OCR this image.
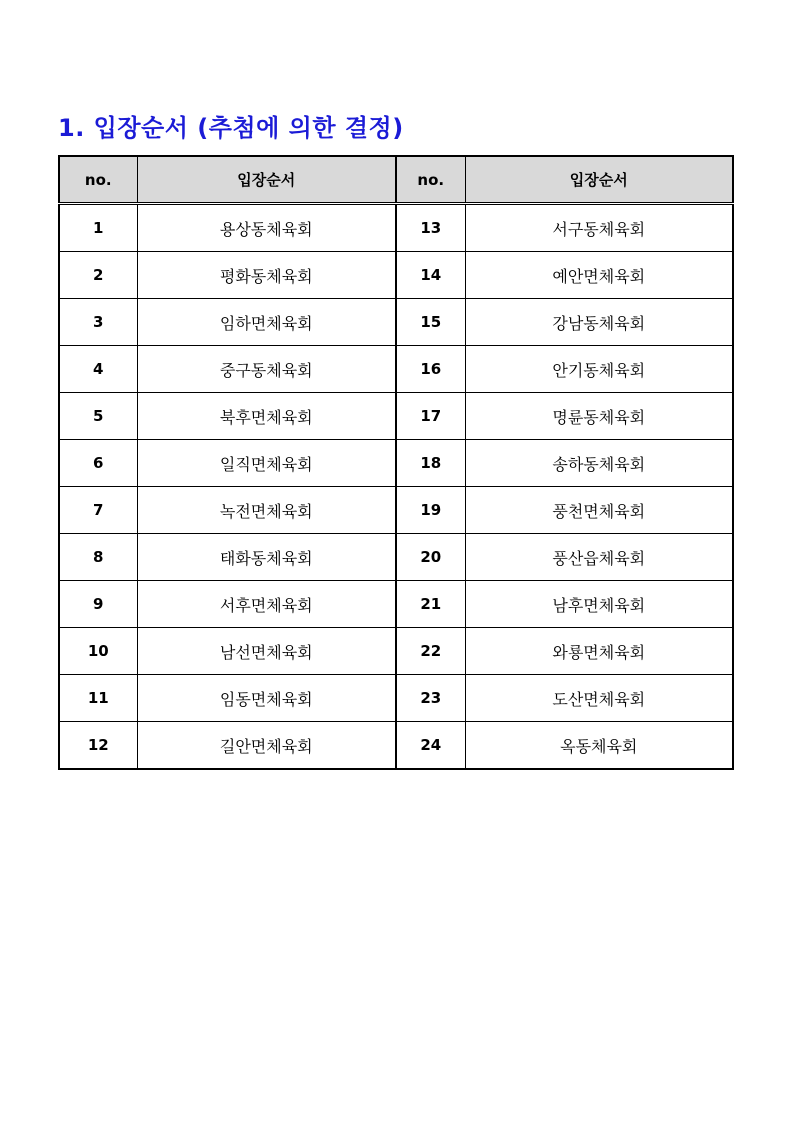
1. 입장순서 (추첨에 의한 결정)
no.	입장순서	no.	입장순서
1	용상동체육회	13	서구동체육회
2	평화동체육회	14	예안면체육회
3	임하면체육회	15	강남동체육회
4	중구동체육회	16	안기동체육회
5	북후면체육회	17	명륜동체육회
6	일직면체육회	18	송하동체육회
7	녹전면체육회	19	풍천면체육회
8	태화동체육회	20	풍산읍체육회
9	서후면체육회	21	남후면체육회
10	남선면체육회	22	와룡면체육회
11	임동면체육회	23	도산면체육회
12	길안면체육회	24	옥동체육회
